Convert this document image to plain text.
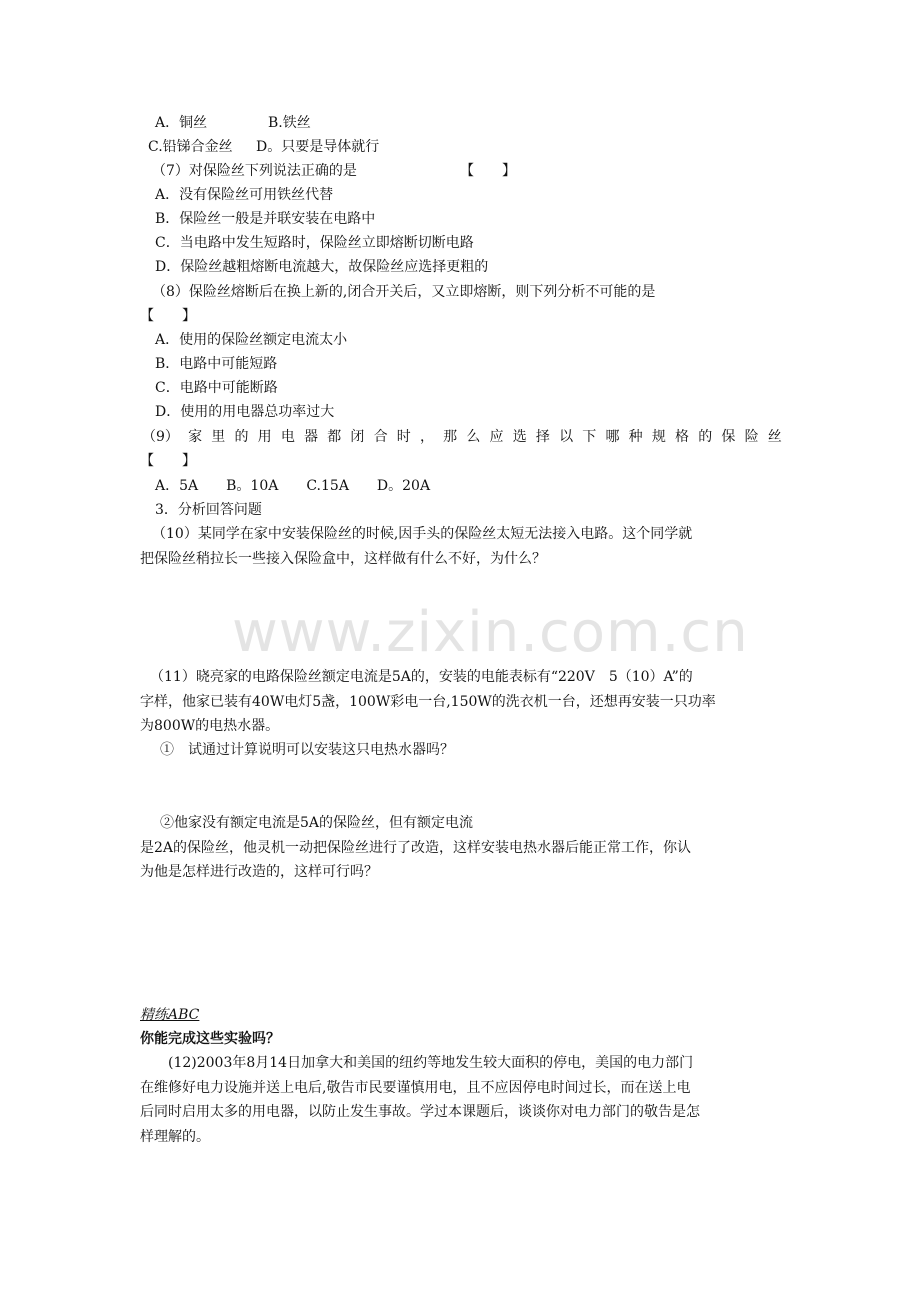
www.zixin.com.cn
A．铜丝	B.铁丝
C.铅锑合金丝 D。只要是导体就行
（7）对保险丝下列说法正确的是	【　　】
A．没有保险丝可用铁丝代替
B．保险丝一般是并联安装在电路中
C．当电路中发生短路时，保险丝立即熔断切断电路
D．保险丝越粗熔断电流越大，故保险丝应选择更粗的
（8）保险丝熔断后在换上新的,闭合开关后，又立即熔断，则下列分析不可能的是
【　　】
A．使用的保险丝额定电流太小
B．电路中可能短路
C．电路中可能断路
D．使用的用电器总功率过大
（9） 家 里 的 用 电 器 都 闭 合 时 ， 那 么 应 选 择 以 下 哪 种 规 格 的 保 险 丝
【　　】
A．5A　　B。10A　　C.15A　　D。20A
3．分析回答问题
（10）某同学在家中安装保险丝的时候,因手头的保险丝太短无法接入电路。这个同学就
把保险丝稍拉长一些接入保险盒中，这样做有什么不好，为什么？
（11）晓亮家的电路保险丝额定电流是5A的，安装的电能表标有“220V　5（10）A”的
字样，他家已装有40W电灯5盏，100W彩电一台,150W的洗衣机一台，还想再安装一只功率
为800W的电热水器。
①　试通过计算说明可以安装这只电热水器吗？
②他家没有额定电流是5A的保险丝，但有额定电流
是2A的保险丝，他灵机一动把保险丝进行了改造，这样安装电热水器后能正常工作，你认
为他是怎样进行改造的，这样可行吗？
精练ABC
你能完成这些实验吗？
(12)2003年8月14日加拿大和美国的纽约等地发生较大面积的停电，美国的电力部门
在维修好电力设施并送上电后,敬告市民要谨慎用电，且不应因停电时间过长，而在送上电
后同时启用太多的用电器，以防止发生事故。学过本课题后，谈谈你对电力部门的敬告是怎
样理解的。
